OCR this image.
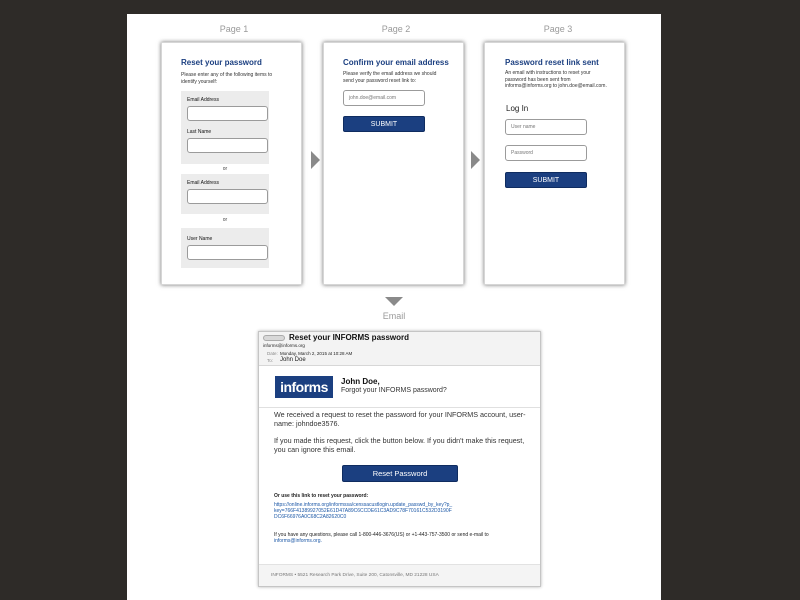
Page 1	Page 2	Page 3
Reset your password

Please enter any of the following items to identify yourself:

Email Address
Last Name
or
Email Address
or
User Name
Confirm your email address

Please verify the email address we should send your password reset link to:

john.doe@email.com
SUBMIT
Password reset link sent

An email with instructions to reset your password has been sent from informs@informs.org to john.doe@email.com.

Log In
User name
Password
SUBMIT
Email
Reset your INFORMS password
informs@informs.org
Date: Monday, March 2, 2015 at 10:28 AM
To: John Doe
informs	John Doe,
Forgot your INFORMS password?
We received a request to reset the password for your INFORMS account, user-name: johndoe3576.
If you made this request, click the button below. If you didn't make this request, you can ignore this email.
Reset Password
Or use this link to reset your password:
https://online.informs.org/informssa/censsacustlogin.update_passwd_by_key?p_key=766F41389927052E61D47A89C6CCDE61C3AD9C78F70161C532D3190FDC6F66976A0C68C2A82620C0
If you have any questions, please call 1-800-446-3676(US) or +1-443-757-3500 or send e-mail to informs@informs.org.
INFORMS • 5521 Research Park Drive, Suite 200, Catonsville, MD 21228 USA
